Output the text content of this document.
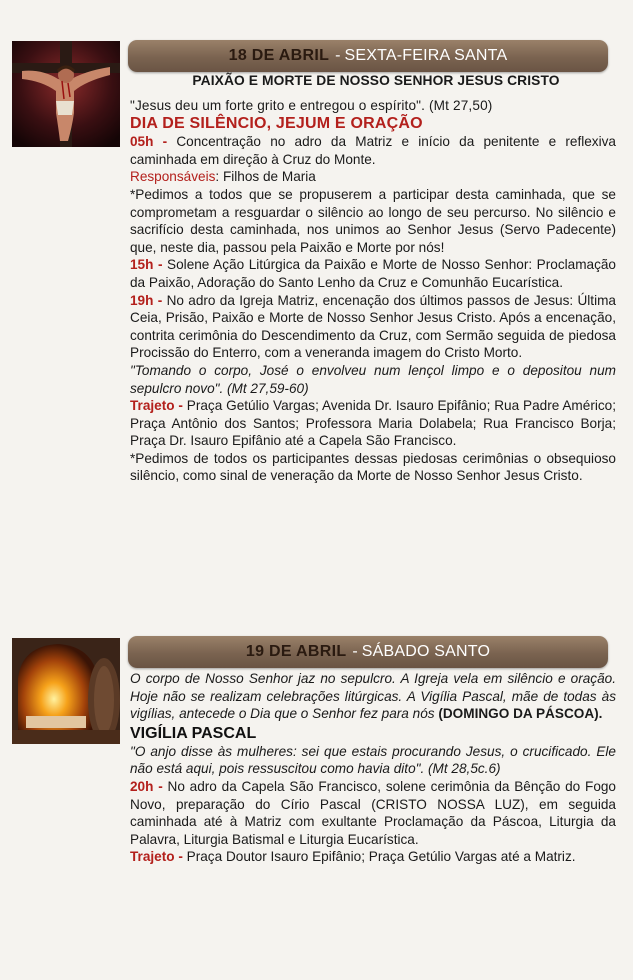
18 DE ABRIL - SEXTA-FEIRA SANTA

PAIXÃO E MORTE DE NOSSO SENHOR JESUS CRISTO

"Jesus deu um forte grito e entregou o espírito". (Mt 27,50)

DIA DE SILÊNCIO, JEJUM E ORAÇÃO

05h - Concentração no adro da Matriz e início da penitente e reflexiva caminhada em direção à Cruz do Monte.

Responsáveis: Filhos de Maria

*Pedimos a todos que se propuserem a participar desta caminhada, que se comprometam a resguardar o silêncio ao longo de seu percurso. No silêncio e sacrifício desta caminhada, nos unimos ao Senhor Jesus (Servo Padecente) que, neste dia, passou pela Paixão e Morte por nós!

15h - Solene Ação Litúrgica da Paixão e Morte de Nosso Senhor: Proclamação da Paixão, Adoração do Santo Lenho da Cruz e Comunhão Eucarística.

19h - No adro da Igreja Matriz, encenação dos últimos passos de Jesus: Última Ceia, Prisão, Paixão e Morte de Nosso Senhor Jesus Cristo. Após a encenação, contrita cerimônia do Descendimento da Cruz, com Sermão seguida de piedosa Procissão do Enterro, com a veneranda imagem do Cristo Morto.

"Tomando o corpo, José o envolveu num lençol limpo e o depositou num sepulcro novo". (Mt 27,59-60)

Trajeto - Praça Getúlio Vargas; Avenida Dr. Isauro Epifânio; Rua Padre Américo; Praça Antônio dos Santos; Professora Maria Dolabela; Rua Francisco Borja; Praça Dr. Isauro Epifânio até a Capela São Francisco.

*Pedimos de todos os participantes dessas piedosas cerimônias o obsequioso silêncio, como sinal de veneração da Morte de Nosso Senhor Jesus Cristo.

19 DE ABRIL - SÁBADO SANTO

O corpo de Nosso Senhor jaz no sepulcro. A Igreja vela em silêncio e oração. Hoje não se realizam celebrações litúrgicas. A Vigília Pascal, mãe de todas às vigílias, antecede o Dia que o Senhor fez para nós (DOMINGO DA PÁSCOA).

VIGÍLIA PASCAL

"O anjo disse às mulheres: sei que estais procurando Jesus, o crucificado. Ele não está aqui, pois ressuscitou como havia dito". (Mt 28,5c.6)

20h - No adro da Capela São Francisco, solene cerimônia da Bênção do Fogo Novo, preparação do Círio Pascal (CRISTO NOSSA LUZ), em seguida caminhada até à Matriz com exultante Proclamação da Páscoa, Liturgia da Palavra, Liturgia Batismal e Liturgia Eucarística.

Trajeto - Praça Doutor Isauro Epifânio; Praça Getúlio Vargas até a Matriz.
